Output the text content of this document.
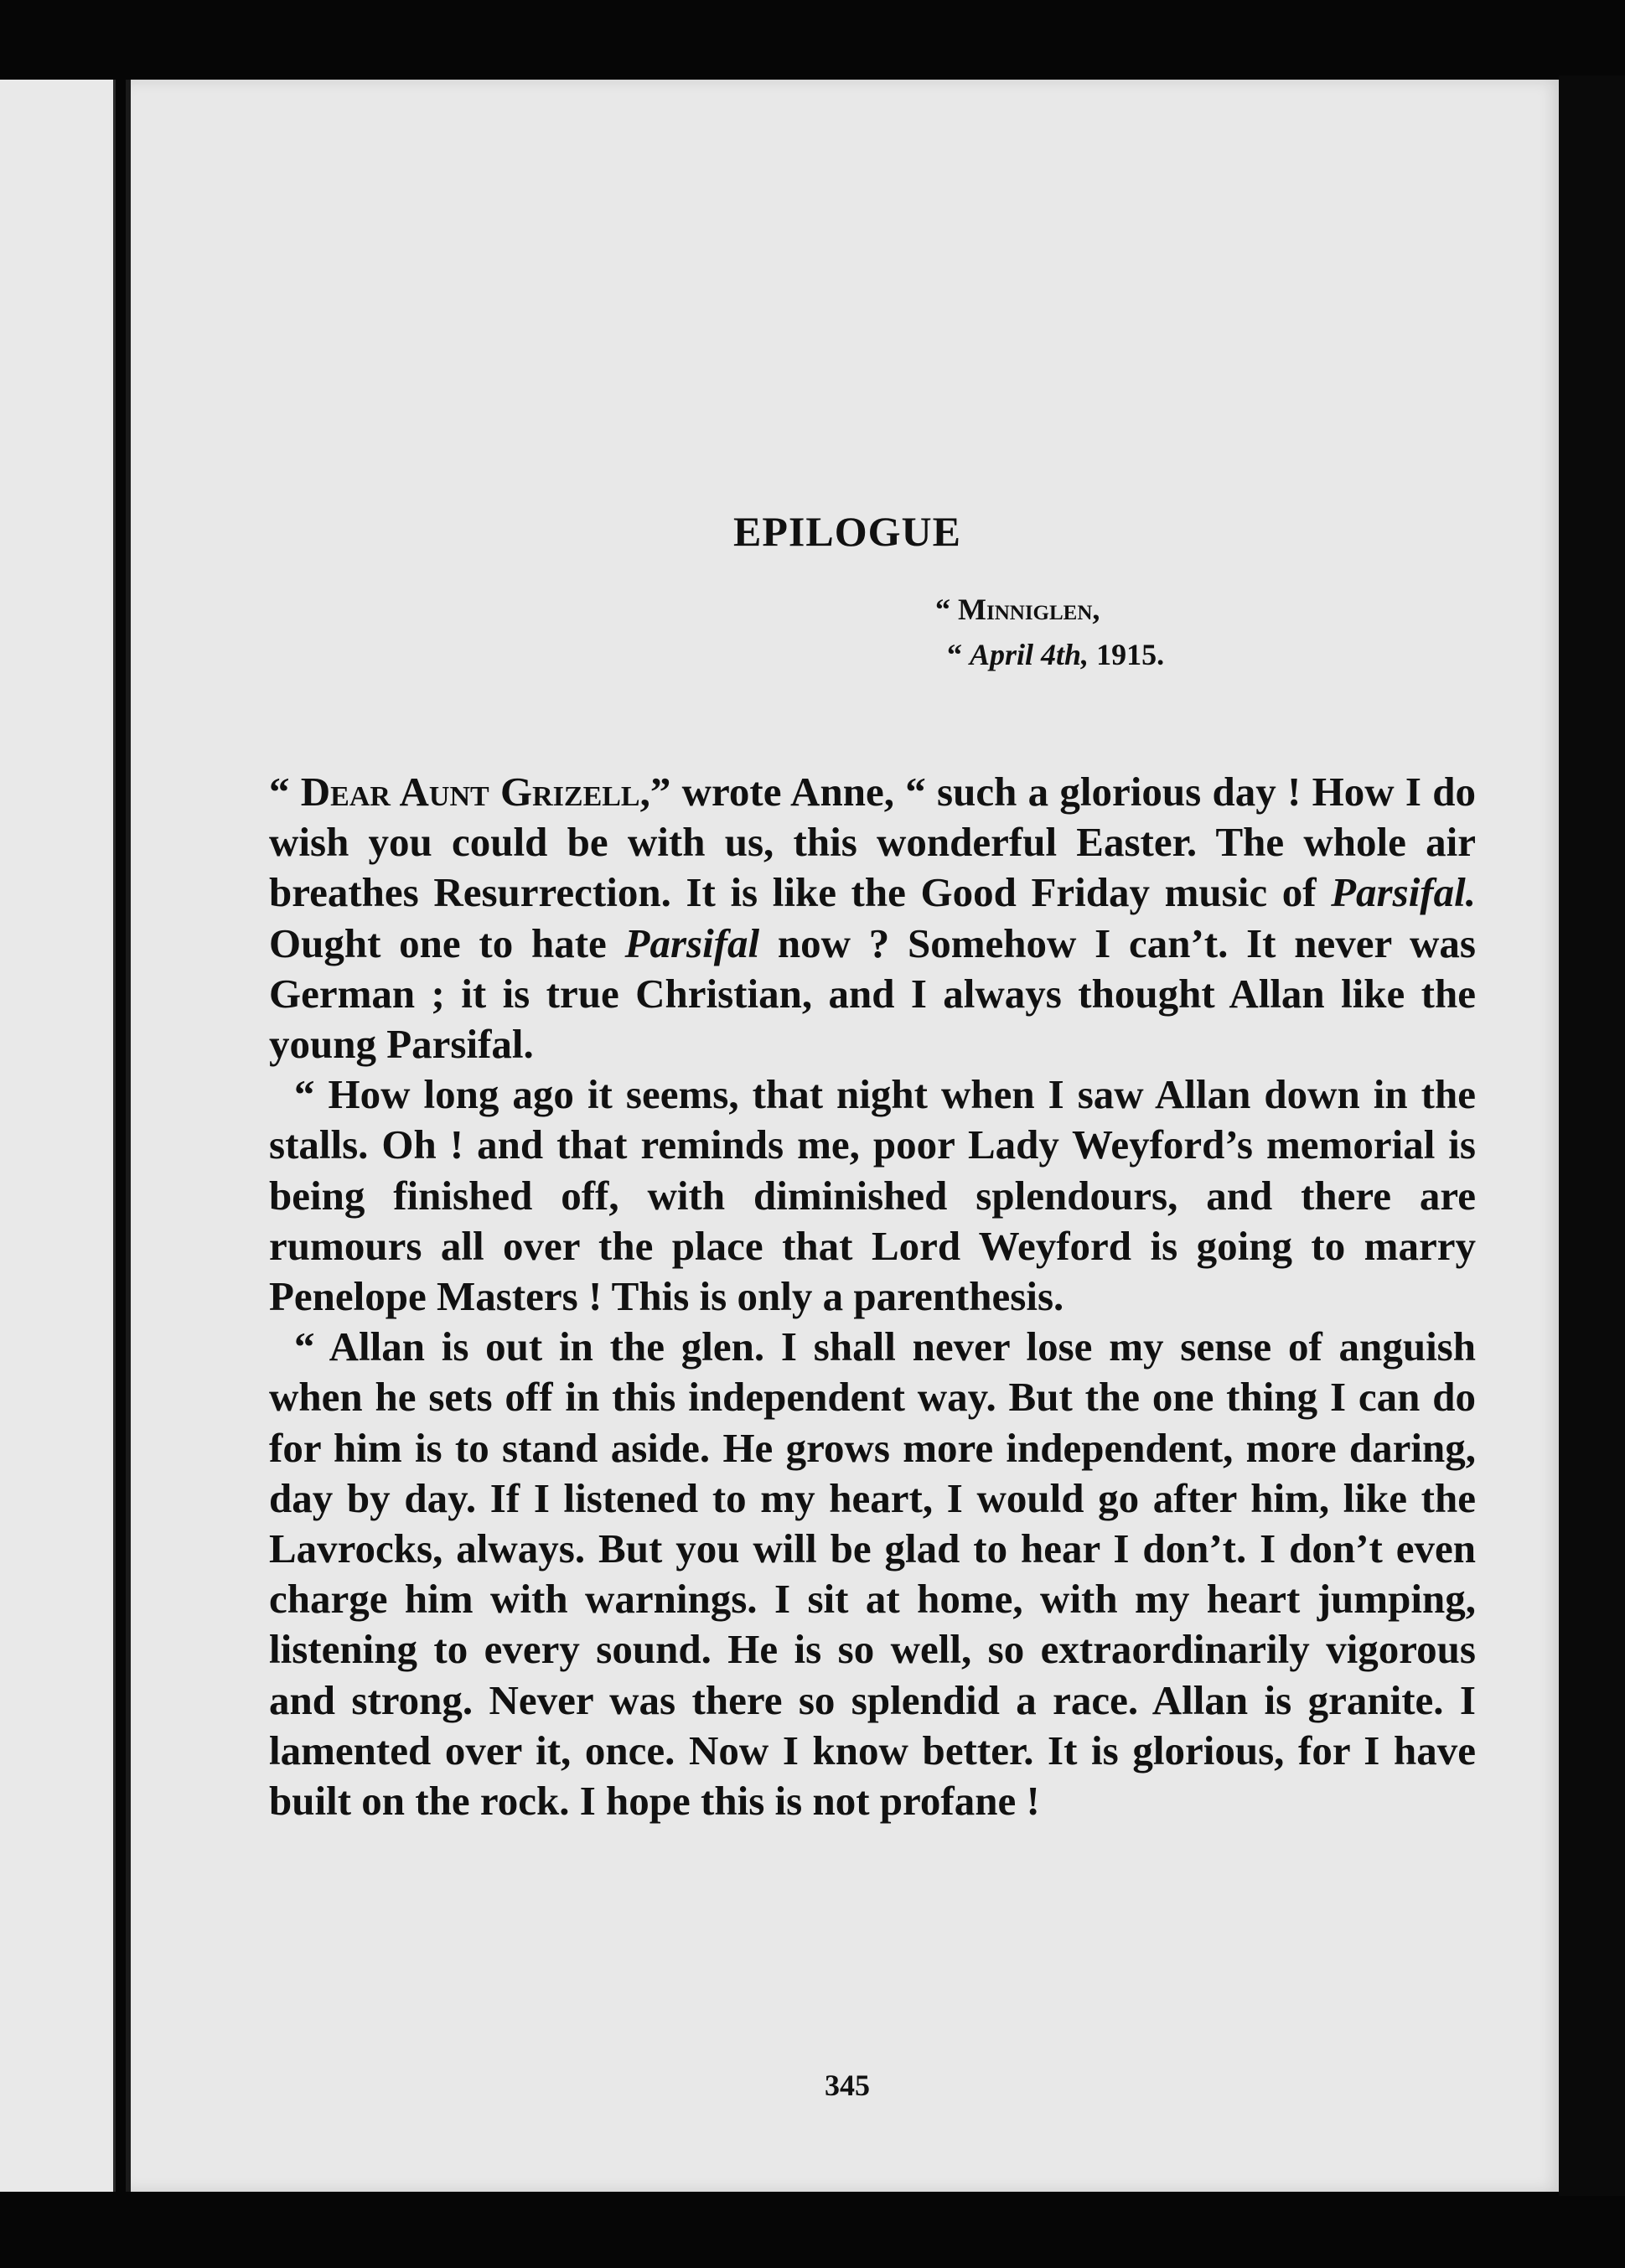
EPILOGUE
“ Minniglen,
“ April 4th, 1915.

“ Dear Aunt Grizell,” wrote Anne, “ such a glorious day ! How I do wish you could be with us, this wonderful Easter. The whole air breathes Resurrection. It is like the Good Friday music of Parsifal. Ought one to hate Parsifal now ? Somehow I can’t. It never was German ; it is true Christian, and I always thought Allan like the young Parsifal.

“ How long ago it seems, that night when I saw Allan down in the stalls. Oh ! and that reminds me, poor Lady Weyford’s memorial is being finished off, with diminished splendours, and there are rumours all over the place that Lord Weyford is going to marry Penelope Masters ! This is only a parenthesis.

“ Allan is out in the glen. I shall never lose my sense of anguish when he sets off in this independent way. But the one thing I can do for him is to stand aside. He grows more independent, more daring, day by day. If I listened to my heart, I would go after him, like the Lavrocks, always. But you will be glad to hear I don’t. I don’t even charge him with warnings. I sit at home, with my heart jumping, listening to every sound. He is so well, so extraordinarily vigorous and strong. Never was there so splendid a race. Allan is granite. I lamented over it, once. Now I know better. It is glorious, for I have built on the rock. I hope this is not profane !

345
